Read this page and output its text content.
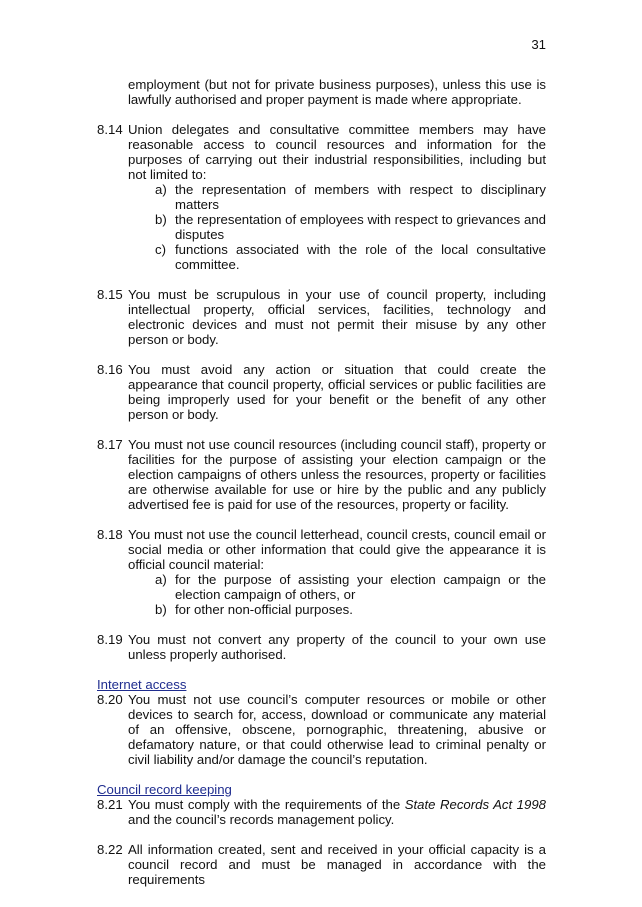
31
employment (but not for private business purposes), unless this use is lawfully authorised and proper payment is made where appropriate.
8.14 Union delegates and consultative committee members may have reasonable access to council resources and information for the purposes of carrying out their industrial responsibilities, including but not limited to:
a) the representation of members with respect to disciplinary matters
b) the representation of employees with respect to grievances and disputes
c) functions associated with the role of the local consultative committee.
8.15 You must be scrupulous in your use of council property, including intellectual property, official services, facilities, technology and electronic devices and must not permit their misuse by any other person or body.
8.16 You must avoid any action or situation that could create the appearance that council property, official services or public facilities are being improperly used for your benefit or the benefit of any other person or body.
8.17 You must not use council resources (including council staff), property or facilities for the purpose of assisting your election campaign or the election campaigns of others unless the resources, property or facilities are otherwise available for use or hire by the public and any publicly advertised fee is paid for use of the resources, property or facility.
8.18 You must not use the council letterhead, council crests, council email or social media or other information that could give the appearance it is official council material:
a) for the purpose of assisting your election campaign or the election campaign of others, or
b) for other non-official purposes.
8.19 You must not convert any property of the council to your own use unless properly authorised.
Internet access
8.20 You must not use council’s computer resources or mobile or other devices to search for, access, download or communicate any material of an offensive, obscene, pornographic, threatening, abusive or defamatory nature, or that could otherwise lead to criminal penalty or civil liability and/or damage the council’s reputation.
Council record keeping
8.21 You must comply with the requirements of the State Records Act 1998 and the council’s records management policy.
8.22 All information created, sent and received in your official capacity is a council record and must be managed in accordance with the requirements
